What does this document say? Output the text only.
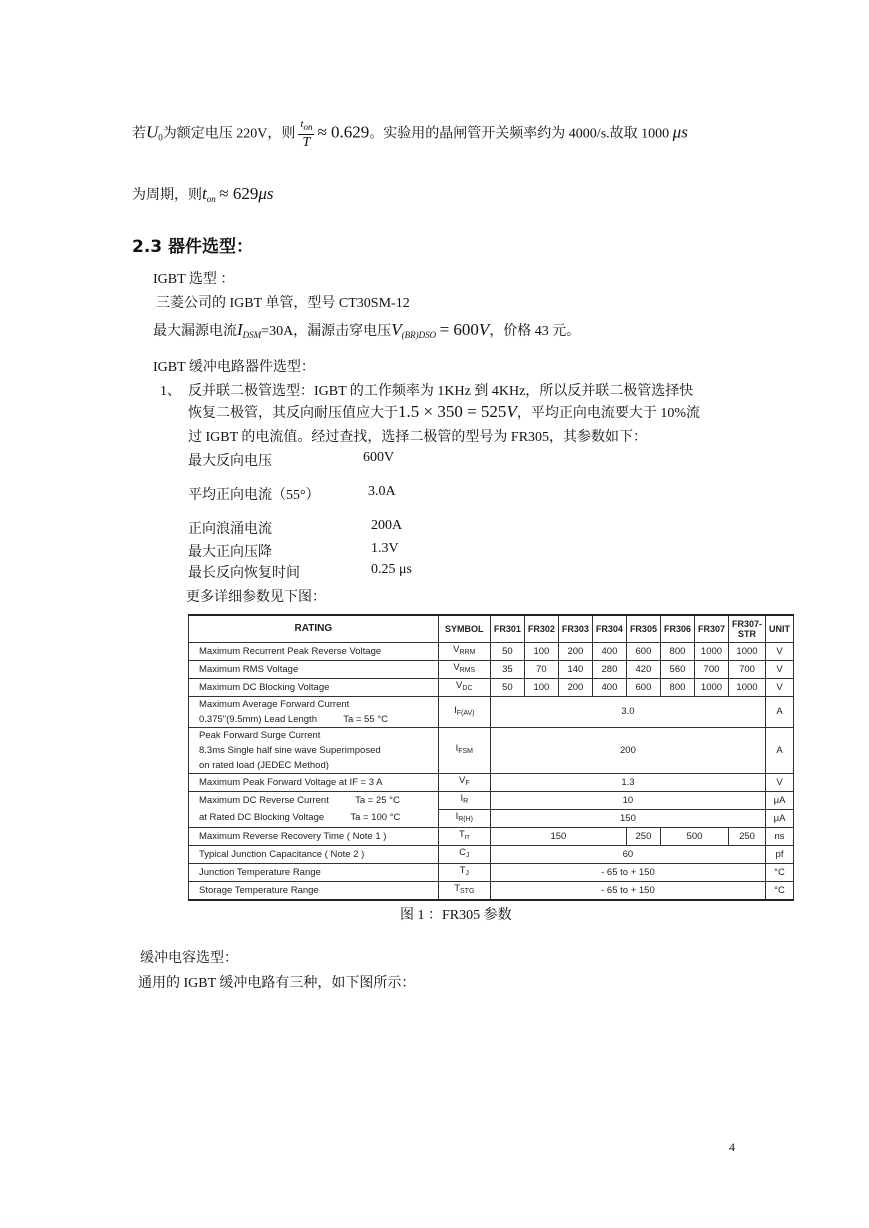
若$U_0$为额定电压 220V，则 $\frac{t_{on}}{T} \approx 0.629$。实验用的晶闸管开关频率约为 4000/s.故取 1000 μs
为周期，则$t_{on} \approx 629\mu s$
2.3 器件选型：
IGBT 选型 ：
三菱公司的 IGBT 单管，型号 CT30SM-12
最大漏源电流$I_{DSM}=30A$，漏源击穿电压$V_{(BR)DSO} = 600V$，价格 43 元。
IGBT 缓冲电路器件选型：
1、 反并联二极管选型：IGBT 的工作频率为 1KHz 到 4KHz，所以反并联二极管选择快
恢复二极管，其反向耐压值应大于1.5 × 350 = 525V，平均正向电流要大于 10%流
过 IGBT 的电流值。经过查找，选择二极管的型号为 FR305，其参数如下：
最大反向电压	600V
平均正向电流（55°）	3.0A
正向浪涌电流	200A
最大正向压降	1.3V
最长反向恢复时间	0.25 μs
更多详细参数见下图：
RATING	SYMBOL	FR301	FR302	FR303	FR304	FR305	FR306	FR307	FR307-STR	UNIT
Maximum Recurrent Peak Reverse Voltage	$V_{RRM}$	50	100	200	400	600	800	1000	1000	V
Maximum RMS Voltage	$V_{RMS}$	35	70	140	280	420	560	700	700	V
Maximum DC Blocking Voltage	$V_{DC}$	50	100	200	400	600	800	1000	1000	V

Maximum Average Forward Current
0.375"(9.5mm) Lead Length          Ta = 55 °C	$I_{F(AV)}$	3.0								A

Peak Forward Surge Current
8.3ms Single half sine wave Superimposed
on rated load (JEDEC Method)	$I_{FSM}$	200								A
Maximum Peak Forward Voltage at IF = 3 A	$V_F$	1.3								V
Maximum DC Reverse Current          Ta = 25 °C	$I_R$	10								μA
at Rated DC Blocking Voltage          Ta = 100 °C	$I_{R(H)}$	150								μA
Maximum Reverse Recovery Time ( Note 1 )	$T_{rr}$	150				250	500		250	ns
Typical Junction Capacitance ( Note 2 )	$C_J$	60								pf
Junction Temperature Range	$T_J$	- 65 to + 150								°C
Storage Temperature Range	$T_{STG}$	- 65 to + 150								°C
图 1 ：FR305 参数
缓冲电容选型：
通用的 IGBT 缓冲电路有三种，如下图所示：
4
